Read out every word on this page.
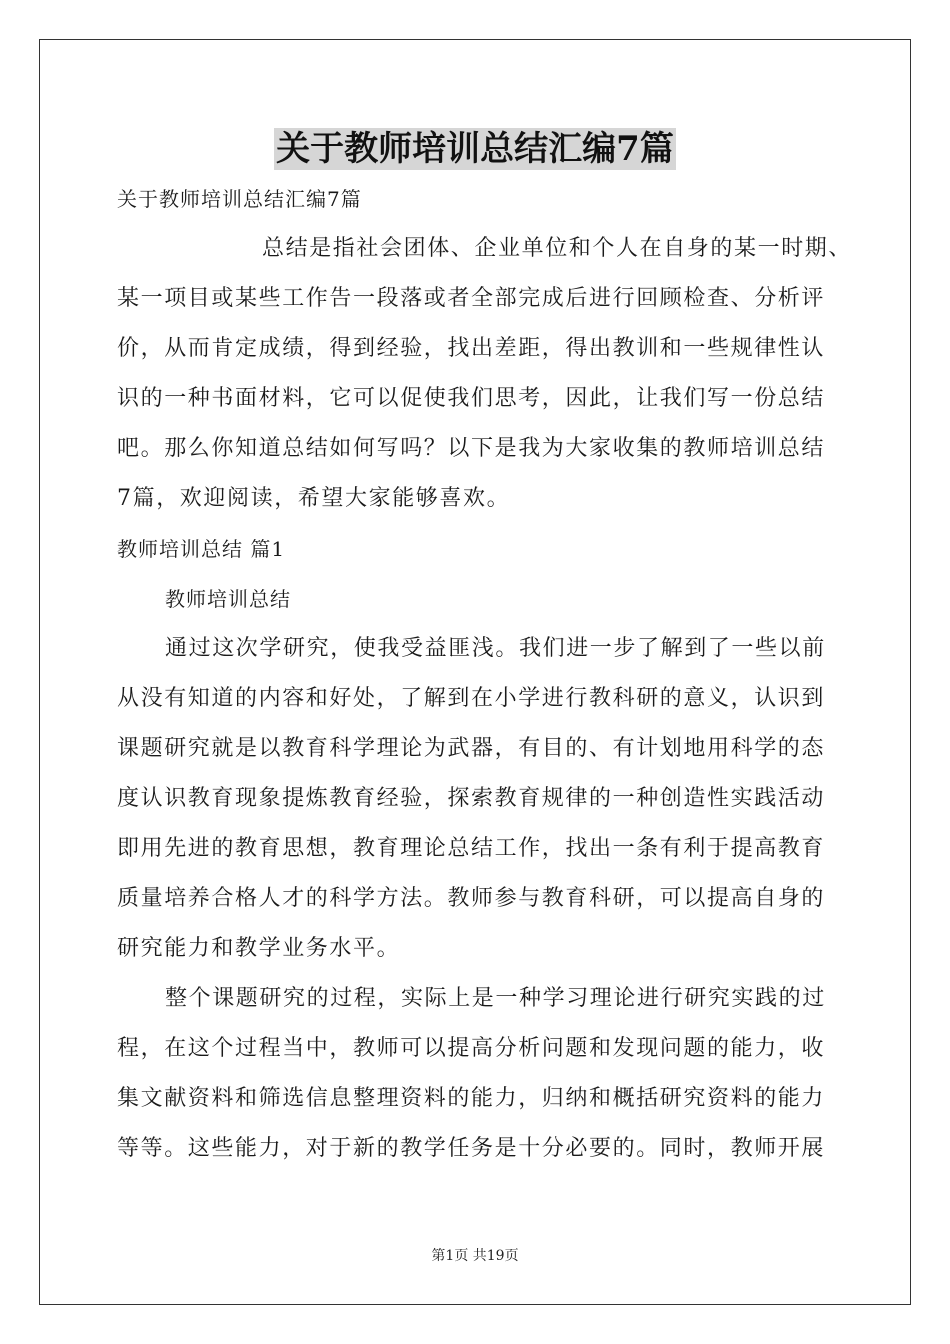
关于教师培训总结汇编7篇
关于教师培训总结汇编7篇
总结是指社会团体、企业单位和个人在自身的某一时期、
某一项目或某些工作告一段落或者全部完成后进行回顾检查、分析评
价，从而肯定成绩，得到经验，找出差距，得出教训和一些规律性认
识的一种书面材料，它可以促使我们思考，因此，让我们写一份总结
吧。那么你知道总结如何写吗？以下是我为大家收集的教师培训总结
7篇，欢迎阅读，希望大家能够喜欢。
教师培训总结 篇1
教师培训总结
通过这次学研究，使我受益匪浅。我们进一步了解到了一些以前
从没有知道的内容和好处，了解到在小学进行教科研的意义，认识到
课题研究就是以教育科学理论为武器，有目的、有计划地用科学的态
度认识教育现象提炼教育经验，探索教育规律的一种创造性实践活动
即用先进的教育思想，教育理论总结工作，找出一条有利于提高教育
质量培养合格人才的科学方法。教师参与教育科研，可以提高自身的
研究能力和教学业务水平。
整个课题研究的过程，实际上是一种学习理论进行研究实践的过
程，在这个过程当中，教师可以提高分析问题和发现问题的能力，收
集文献资料和筛选信息整理资料的能力，归纳和概括研究资料的能力
等等。这些能力，对于新的教学任务是十分必要的。同时，教师开展
第1页 共19页
